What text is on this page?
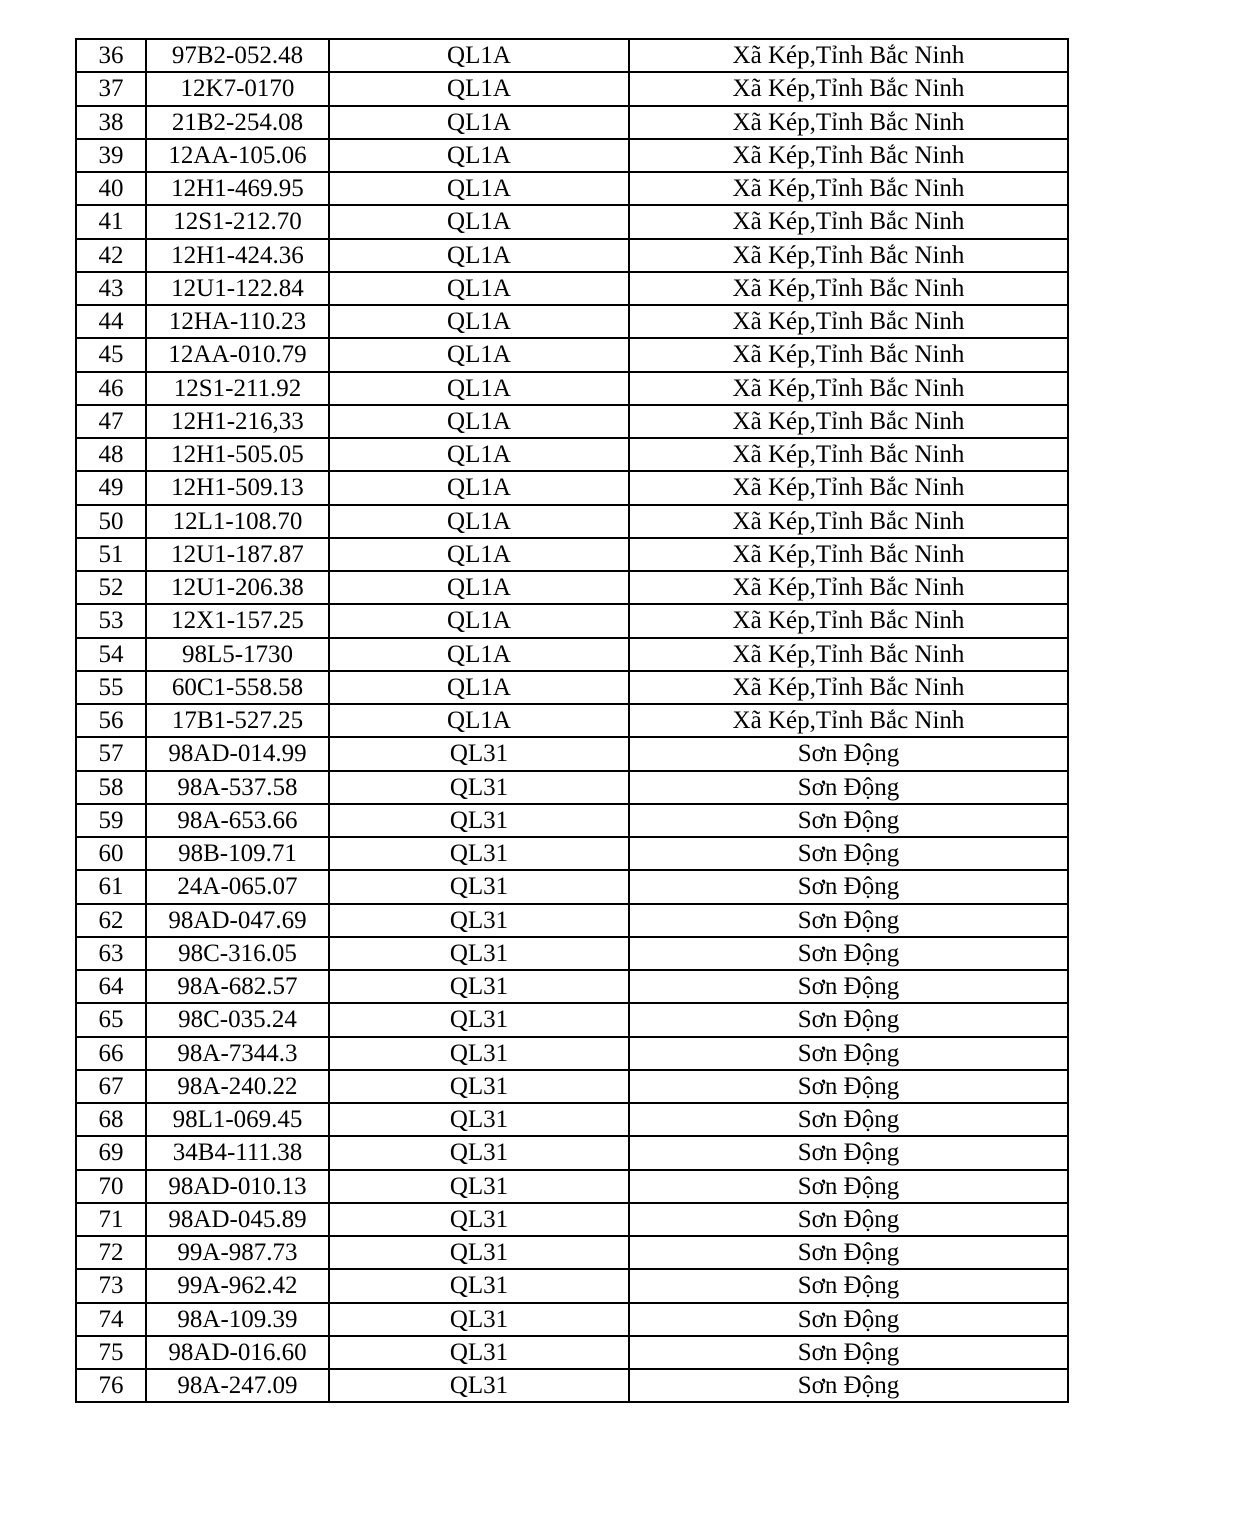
36	97B2-052.48	QL1A	Xã Kép,Tỉnh Bắc Ninh
37	12K7-0170	QL1A	Xã Kép,Tỉnh Bắc Ninh
38	21B2-254.08	QL1A	Xã Kép,Tỉnh Bắc Ninh
39	12AA-105.06	QL1A	Xã Kép,Tỉnh Bắc Ninh
40	12H1-469.95	QL1A	Xã Kép,Tỉnh Bắc Ninh
41	12S1-212.70	QL1A	Xã Kép,Tỉnh Bắc Ninh
42	12H1-424.36	QL1A	Xã Kép,Tỉnh Bắc Ninh
43	12U1-122.84	QL1A	Xã Kép,Tỉnh Bắc Ninh
44	12HA-110.23	QL1A	Xã Kép,Tỉnh Bắc Ninh
45	12AA-010.79	QL1A	Xã Kép,Tỉnh Bắc Ninh
46	12S1-211.92	QL1A	Xã Kép,Tỉnh Bắc Ninh
47	12H1-216,33	QL1A	Xã Kép,Tỉnh Bắc Ninh
48	12H1-505.05	QL1A	Xã Kép,Tỉnh Bắc Ninh
49	12H1-509.13	QL1A	Xã Kép,Tỉnh Bắc Ninh
50	12L1-108.70	QL1A	Xã Kép,Tỉnh Bắc Ninh
51	12U1-187.87	QL1A	Xã Kép,Tỉnh Bắc Ninh
52	12U1-206.38	QL1A	Xã Kép,Tỉnh Bắc Ninh
53	12X1-157.25	QL1A	Xã Kép,Tỉnh Bắc Ninh
54	98L5-1730	QL1A	Xã Kép,Tỉnh Bắc Ninh
55	60C1-558.58	QL1A	Xã Kép,Tỉnh Bắc Ninh
56	17B1-527.25	QL1A	Xã Kép,Tỉnh Bắc Ninh
57	98AD-014.99	QL31	Sơn Động
58	98A-537.58	QL31	Sơn Động
59	98A-653.66	QL31	Sơn Động
60	98B-109.71	QL31	Sơn Động
61	24A-065.07	QL31	Sơn Động
62	98AD-047.69	QL31	Sơn Động
63	98C-316.05	QL31	Sơn Động
64	98A-682.57	QL31	Sơn Động
65	98C-035.24	QL31	Sơn Động
66	98A-7344.3	QL31	Sơn Động
67	98A-240.22	QL31	Sơn Động
68	98L1-069.45	QL31	Sơn Động
69	34B4-111.38	QL31	Sơn Động
70	98AD-010.13	QL31	Sơn Động
71	98AD-045.89	QL31	Sơn Động
72	99A-987.73	QL31	Sơn Động
73	99A-962.42	QL31	Sơn Động
74	98A-109.39	QL31	Sơn Động
75	98AD-016.60	QL31	Sơn Động
76	98A-247.09	QL31	Sơn Động
